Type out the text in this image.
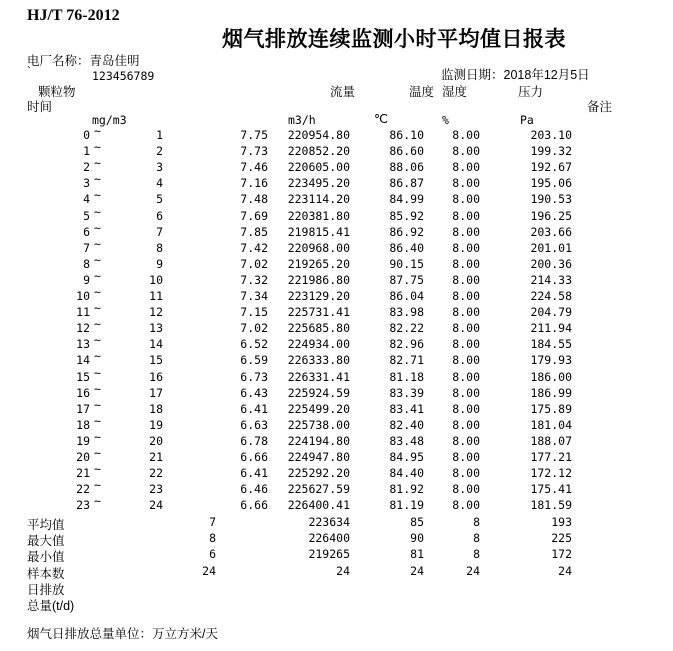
HJ/T 76-2012
烟气排放连续监测小时平均值日报表
电厂名称：青岛佳明
`	123456789	监测日期：2018年12月5日
颗粒物	流量	温度 湿度	压力
时间	备注
mg/m3	m3/h	℃	%	Pa
0 ~	1	7.75	220954.80	86.10	8.00	203.10
1 ~	2	7.73	220852.20	86.60	8.00	199.32
2 ~	3	7.46	220605.00	88.06	8.00	192.67
3 ~	4	7.16	223495.20	86.87	8.00	195.06
4 ~	5	7.48	223114.20	84.99	8.00	190.53
5 ~	6	7.69	220381.80	85.92	8.00	196.25
6 ~	7	7.85	219815.41	86.92	8.00	203.66
7 ~	8	7.42	220968.00	86.40	8.00	201.01
8 ~	9	7.02	219265.20	90.15	8.00	200.36
9 ~	10	7.32	221986.80	87.75	8.00	214.33
10 ~	11	7.34	223129.20	86.04	8.00	224.58
11 ~	12	7.15	225731.41	83.98	8.00	204.79
12 ~	13	7.02	225685.80	82.22	8.00	211.94
13 ~	14	6.52	224934.00	82.96	8.00	184.55
14 ~	15	6.59	226333.80	82.71	8.00	179.93
15 ~	16	6.73	226331.41	81.18	8.00	186.00
16 ~	17	6.43	225924.59	83.39	8.00	186.99
17 ~	18	6.41	225499.20	83.41	8.00	175.89
18 ~	19	6.63	225738.00	82.40	8.00	181.04
19 ~	20	6.78	224194.80	83.48	8.00	188.07
20 ~	21	6.66	224947.80	84.95	8.00	177.21
21 ~	22	6.41	225292.20	84.40	8.00	172.12
22 ~	23	6.46	225627.59	81.92	8.00	175.41
23 ~	24	6.66	226400.41	81.19	8.00	181.59
平均值	7	223634	85	8	193
最大值	8	226400	90	8	225
最小值	6	219265	81	8	172
样本数	24	24	24	24	24
日排放
总量(t/d)
烟气日排放总量单位：万立方米/天
